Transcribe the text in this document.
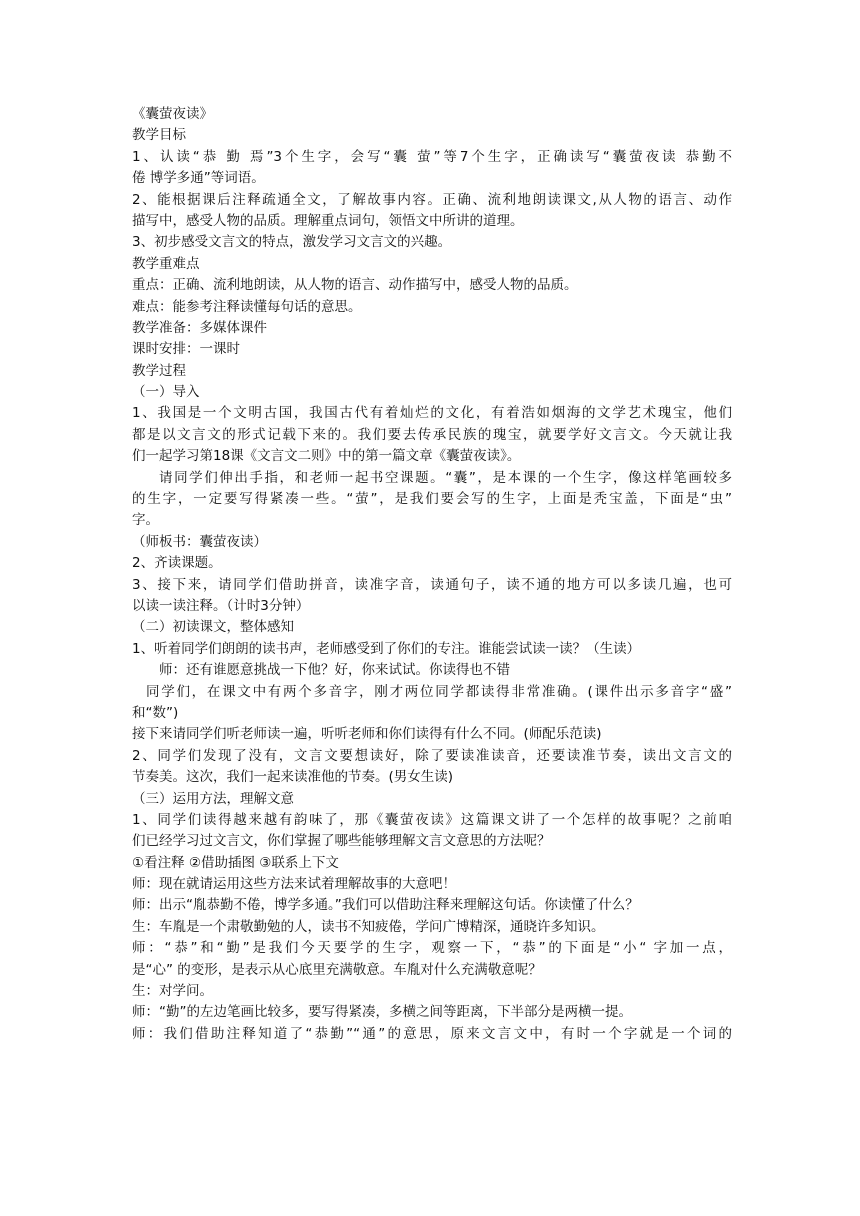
《囊萤夜读》
教学目标
1、认读“恭 勤 焉”3个生字，会写“囊 萤”等7个生字，正确读写“囊萤夜读 恭勤不
倦 博学多通”等词语。
2、能根据课后注释疏通全文，了解故事内容。正确、流利地朗读课文,从人物的语言、动作
描写中，感受人物的品质。理解重点词句，领悟文中所讲的道理。
3、初步感受文言文的特点，激发学习文言文的兴趣。
教学重难点
重点：正确、流利地朗读，从人物的语言、动作描写中，感受人物的品质。
难点：能参考注释读懂每句话的意思。
教学准备：多媒体课件
课时安排：一课时
教学过程
（一）导入
1、我国是一个文明古国，我国古代有着灿烂的文化，有着浩如烟海的文学艺术瑰宝，他们
都是以文言文的形式记载下来的。我们要去传承民族的瑰宝，就要学好文言文。今天就让我
们一起学习第18课《文言文二则》中的第一篇文章《囊萤夜读》。
请同学们伸出手指，和老师一起书空课题。“囊”，是本课的一个生字，像这样笔画较多
的生字，一定要写得紧凑一些。“萤”，是我们要会写的生字，上面是秃宝盖，下面是“虫”
字。
（师板书：囊萤夜读）
2、齐读课题。
3、接下来，请同学们借助拼音，读准字音，读通句子，读不通的地方可以多读几遍，也可
以读一读注释。（计时3分钟）
（二）初读课文，整体感知
1、听着同学们朗朗的读书声，老师感受到了你们的专注。谁能尝试读一读？（生读）
师：还有谁愿意挑战一下他？好，你来试试。你读得也不错
同学们，在课文中有两个多音字，刚才两位同学都读得非常准确。(课件出示多音字“盛”
和“数”)
接下来请同学们听老师读一遍，听听老师和你们读得有什么不同。(师配乐范读)
2、同学们发现了没有，文言文要想读好，除了要读准读音，还要读准节奏，读出文言文的
节奏美。这次，我们一起来读准他的节奏。(男女生读)
（三）运用方法，理解文意
1、同学们读得越来越有韵味了，那《囊萤夜读》这篇课文讲了一个怎样的故事呢？之前咱
们已经学习过文言文，你们掌握了哪些能够理解文言文意思的方法呢？
①看注释 ②借助插图 ③联系上下文
师：现在就请运用这些方法来试着理解故事的大意吧！
师：出示“胤恭勤不倦，博学多通。”我们可以借助注释来理解这句话。你读懂了什么？
生：车胤是一个肃敬勤勉的人，读书不知疲倦，学问广博精深，通晓许多知识。
师：“恭”和“勤”是我们今天要学的生字，观察一下，“恭”的下面是“小“ 字加一点，
是“心” 的变形，是表示从心底里充满敬意。车胤对什么充满敬意呢？
生：对学问。
师：“勤”的左边笔画比较多，要写得紧凑，多横之间等距离，下半部分是两横一提。
师：我们借助注释知道了“恭勤”“通”的意思，原来文言文中，有时一个字就是一个词的
